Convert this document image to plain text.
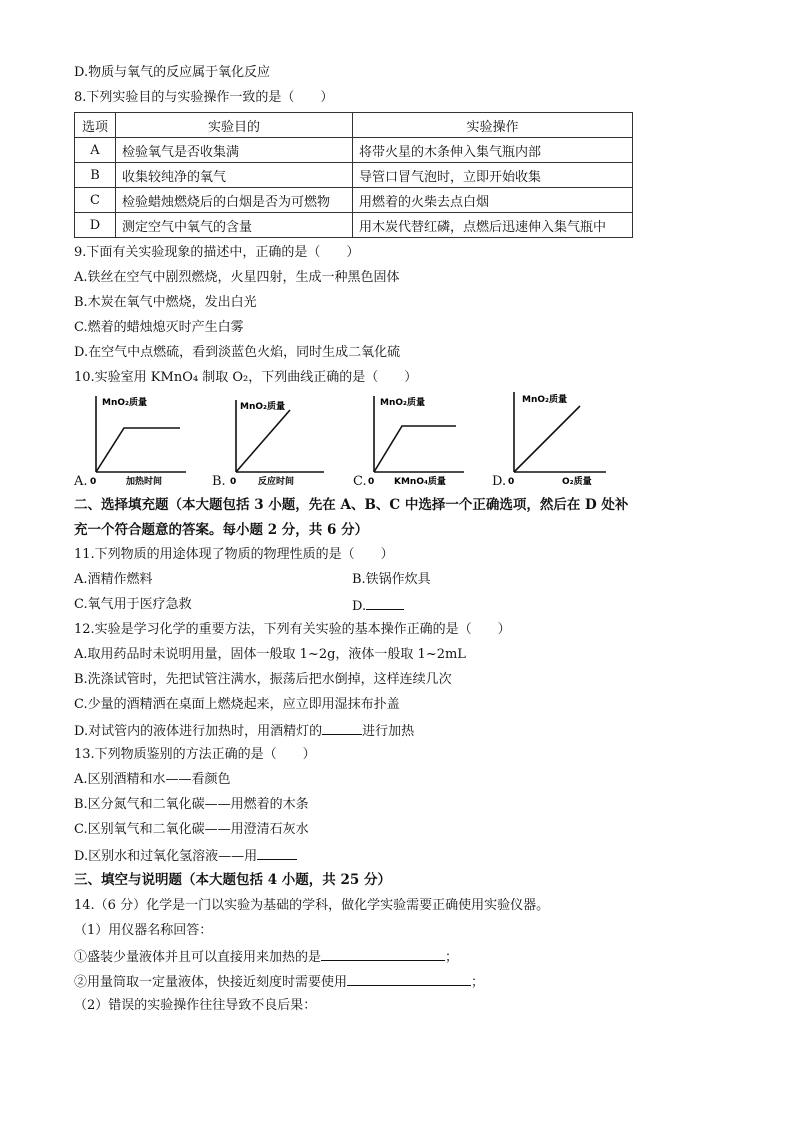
D.物质与氧气的反应属于氧化反应
8.下列实验目的与实验操作一致的是（　　）
选项	实验目的	实验操作
A	检验氧气是否收集满	将带火星的木条伸入集气瓶内部
B	收集较纯净的氧气	导管口冒气泡时，立即开始收集
C	检验蜡烛燃烧后的白烟是否为可燃物	用燃着的火柴去点白烟
D	测定空气中氧气的含量	用木炭代替红磷，点燃后迅速伸入集气瓶中
9.下面有关实验现象的描述中，正确的是（　　）
A.铁丝在空气中剧烈燃烧，火星四射，生成一种黑色固体
B.木炭在氧气中燃烧，发出白光
C.燃着的蜡烛熄灭时产生白雾
D.在空气中点燃硫，看到淡蓝色火焰，同时生成二氧化硫
10.实验室用 KMnO₄ 制取 O₂，下列曲线正确的是（　　）
A.
MnO₂质量
0	加热时间	B.
MnO₂质量
0 反应时间	C.
MnO₂质量
0 KMnO₄质量	D.
MnO₂质量
0	O₂质量
二、选择填充题（本大题包括 3 小题，先在 A、B、C 中选择一个正确选项，然后在 D 处补
充一个符合题意的答案。每小题 2 分，共 6 分）
11.下列物质的用途体现了物质的物理性质的是（　　）
A.酒精作燃料	B.铁锅作炊具
C.氧气用于医疗急救	D.
12.实验是学习化学的重要方法，下列有关实验的基本操作正确的是（　　）
A.取用药品时未说明用量，固体一般取 1~2g，液体一般取 1~2mL
B.洗涤试管时，先把试管注满水，振荡后把水倒掉，这样连续几次
C.少量的酒精洒在桌面上燃烧起来，应立即用湿抹布扑盖
D.对试管内的液体进行加热时，用酒精灯的	进行加热
13.下列物质鉴别的方法正确的是（　　）
A.区别酒精和水——看颜色
B.区分氮气和二氧化碳——用燃着的木条
C.区别氧气和二氧化碳——用澄清石灰水
D.区别水和过氧化氢溶液——用
三、填空与说明题（本大题包括 4 小题，共 25 分）
14.（6 分）化学是一门以实验为基础的学科，做化学实验需要正确使用实验仪器。
（1）用仪器名称回答：
①盛装少量液体并且可以直接用来加热的是	；
②用量筒取一定量液体，快接近刻度时需要使用	；
（2）错误的实验操作往往导致不良后果：
